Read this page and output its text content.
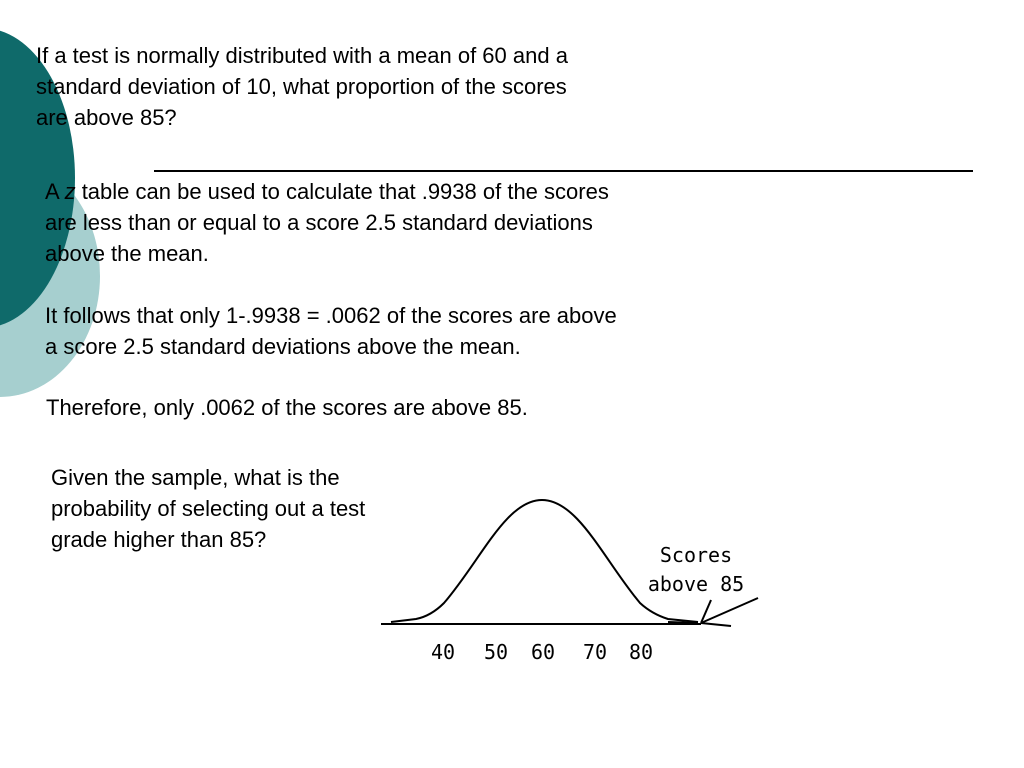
If a test is normally distributed with a mean of 60 and a
standard deviation of 10, what proportion of the scores
are above 85?
A z table can be used to calculate that .9938 of the scores
are less than or equal to a score 2.5 standard deviations
above the mean.
It follows that only 1-.9938 = .0062 of the scores are above
a score 2.5 standard deviations above the mean.
Therefore, only .0062 of the scores are above 85.
Given the sample, what is the
probability of selecting out a test
grade higher than 85?
Scores
above 85
40 50 60 70 80
